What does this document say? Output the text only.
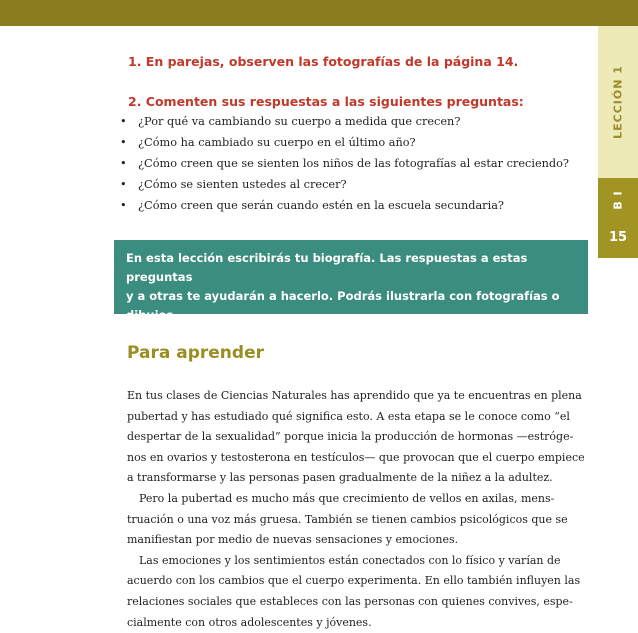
LECCIÓN 1
B I
15
1. En parejas, observen las fotografías de la página 14.
2. Comenten sus respuestas a las siguientes preguntas:
• ¿Por qué va cambiando su cuerpo a medida que crecen?
• ¿Cómo ha cambiado su cuerpo en el último año?
• ¿Cómo creen que se sienten los niños de las fotografías al estar creciendo?
• ¿Cómo se sienten ustedes al crecer?
• ¿Cómo creen que serán cuando estén en la escuela secundaria?

En esta lección escribirás tu biografía. Las respuestas a estas preguntas

y a otras te ayudarán a hacerlo. Podrás ilustrarla con fotografías o dibujos

acerca de tu crecimiento y desarrollo.

Para aprender
En tus clases de Ciencias Naturales has aprendido que ya te encuentras en plena
pubertad y has estudiado qué significa esto. A esta etapa se le conoce como “el
despertar de la sexualidad” porque inicia la producción de hormonas —estróge-
nos en ovarios y testosterona en testículos— que provocan que el cuerpo empiece
a transformarse y las personas pasen gradualmente de la niñez a la adultez.
Pero la pubertad es mucho más que crecimiento de vellos en axilas, mens-
truación o una voz más gruesa. También se tienen cambios psicológicos que se
manifiestan por medio de nuevas sensaciones y emociones.
Las emociones y los sentimientos están conectados con lo físico y varían de
acuerdo con los cambios que el cuerpo experimenta. En ello también influyen las
relaciones sociales que estableces con las personas con quienes convives, espe-
cialmente con otros adolescentes y jóvenes.
